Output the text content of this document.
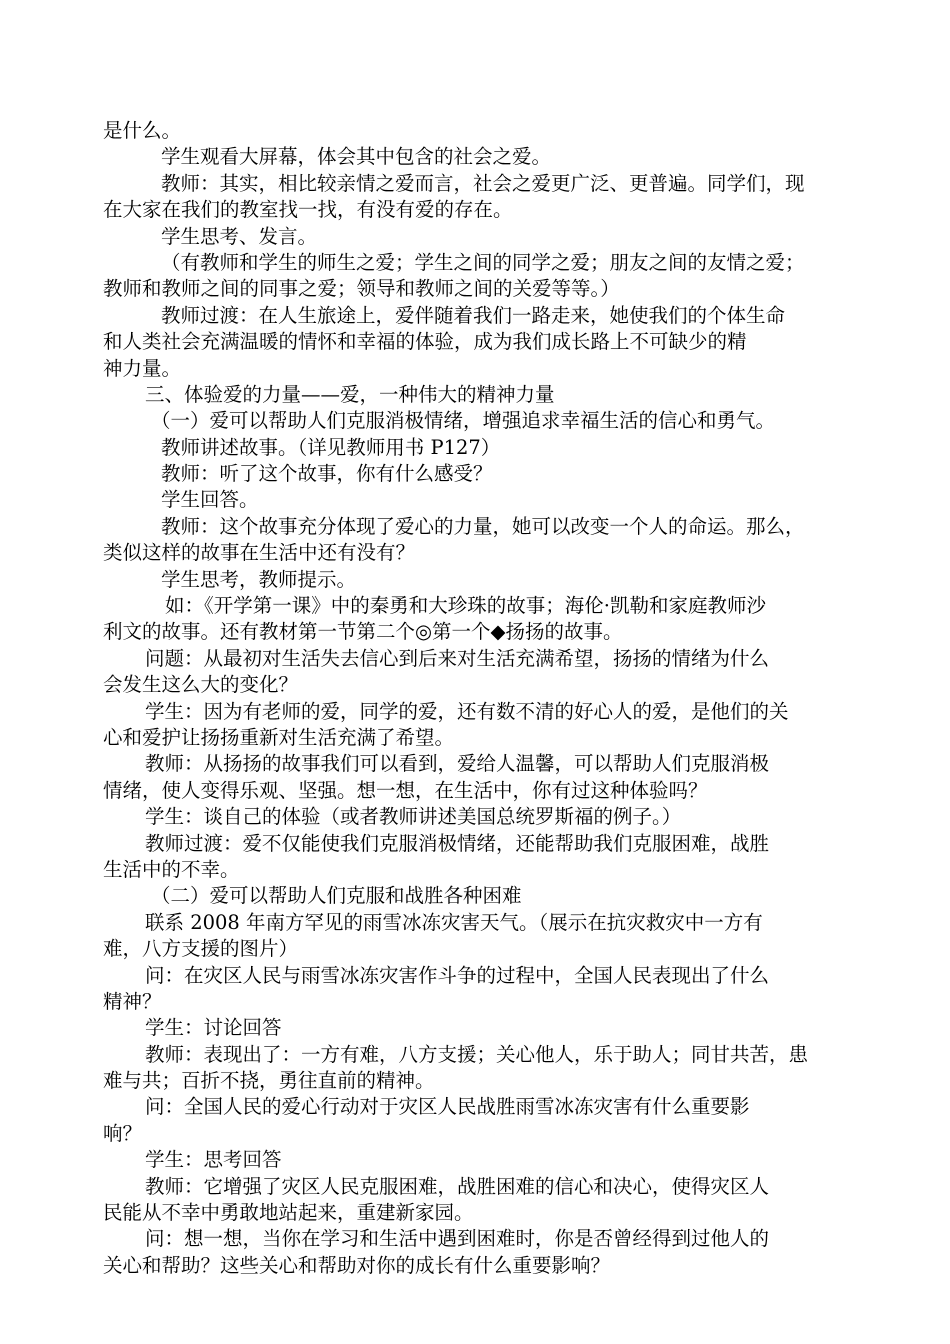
是什么。
学生观看大屏幕，体会其中包含的社会之爱。
教师：其实，相比较亲情之爱而言，社会之爱更广泛、更普遍。同学们，现
在大家在我们的教室找一找，有没有爱的存在。
学生思考、发言。
（有教师和学生的师生之爱；学生之间的同学之爱；朋友之间的友情之爱；
教师和教师之间的同事之爱；领导和教师之间的关爱等等。）
教师过渡：在人生旅途上，爱伴随着我们一路走来，她使我们的个体生命
和人类社会充满温暖的情怀和幸福的体验，成为我们成长路上不可缺少的精
神力量。
三、体验爱的力量——爱，一种伟大的精神力量
（一）爱可以帮助人们克服消极情绪，增强追求幸福生活的信心和勇气。
教师讲述故事。（详见教师用书 P127）
教师：听了这个故事，你有什么感受？
学生回答。
教师：这个故事充分体现了爱心的力量，她可以改变一个人的命运。那么，
类似这样的故事在生活中还有没有？
学生思考，教师提示。
如：《开学第一课》中的秦勇和大珍珠的故事；海伦·凯勒和家庭教师沙
利文的故事。还有教材第一节第二个◎第一个◆扬扬的故事。
问题：从最初对生活失去信心到后来对生活充满希望，扬扬的情绪为什么
会发生这么大的变化？
学生：因为有老师的爱，同学的爱，还有数不清的好心人的爱，是他们的关
心和爱护让扬扬重新对生活充满了希望。
教师：从扬扬的故事我们可以看到，爱给人温馨，可以帮助人们克服消极
情绪，使人变得乐观、坚强。想一想，在生活中，你有过这种体验吗？
学生：谈自己的体验（或者教师讲述美国总统罗斯福的例子。）
教师过渡：爱不仅能使我们克服消极情绪，还能帮助我们克服困难，战胜
生活中的不幸。
（二）爱可以帮助人们克服和战胜各种困难
联系 2008 年南方罕见的雨雪冰冻灾害天气。（展示在抗灾救灾中一方有
难，八方支援的图片）
问：在灾区人民与雨雪冰冻灾害作斗争的过程中，全国人民表现出了什么
精神？
学生：讨论回答
教师：表现出了：一方有难，八方支援；关心他人，乐于助人；同甘共苦，患
难与共；百折不挠，勇往直前的精神。
问：全国人民的爱心行动对于灾区人民战胜雨雪冰冻灾害有什么重要影
响？
学生：思考回答
教师：它增强了灾区人民克服困难，战胜困难的信心和决心，使得灾区人
民能从不幸中勇敢地站起来，重建新家园。
问：想一想，当你在学习和生活中遇到困难时，你是否曾经得到过他人的
关心和帮助？这些关心和帮助对你的成长有什么重要影响？
